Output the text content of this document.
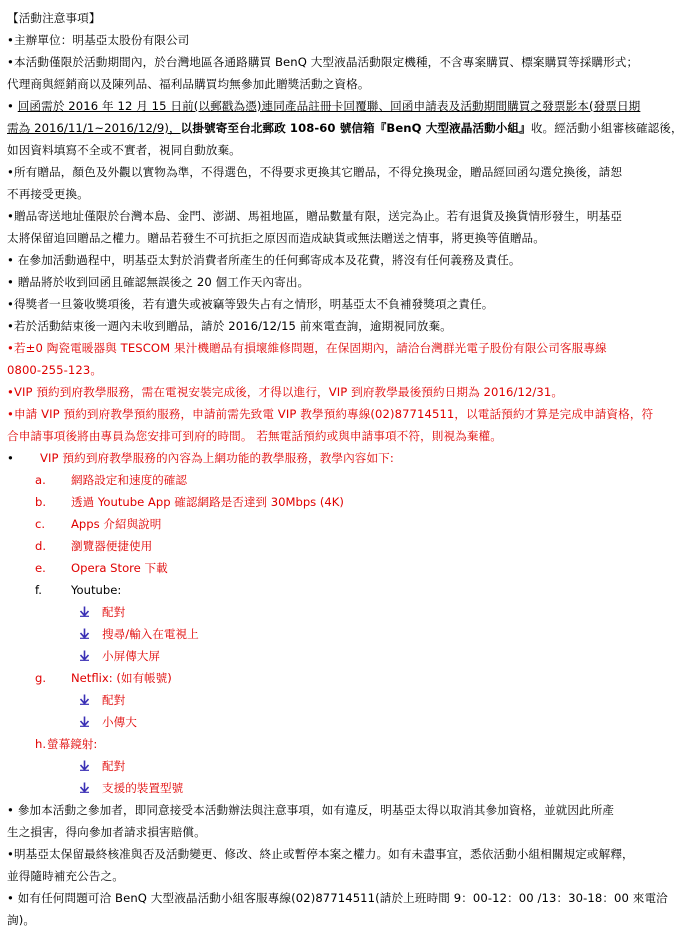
【活動注意事項】
•主辦單位：明基亞太股份有限公司
•本活動僅限於活動期間內，於台灣地區各通路購買 BenQ 大型液晶活動限定機種，不含專案購買、標案購買等採購形式；
代理商與經銷商以及陳列品、福利品購買均無參加此贈獎活動之資格。
• 回函需於 2016 年 12 月 15 日前(以郵戳為憑)連同產品註冊卡回覆聯、回函申請表及活動期間購買之發票影本(發票日期
需為 2016/11/1~2016/12/9)，以掛號寄至台北郵政 108-60 號信箱『BenQ 大型液晶活動小組』收。經活動小組審核確認後，
如因資料填寫不全或不實者，視同自動放棄。
•所有贈品，顏色及外觀以實物為準，不得選色，不得要求更換其它贈品，不得兌換現金，贈品經回函勾選兌換後，請恕
不再接受更換。
•贈品寄送地址僅限於台灣本島、金門、澎湖、馬祖地區，贈品數量有限，送完為止。若有退貨及換貨情形發生，明基亞
太將保留追回贈品之權力。贈品若發生不可抗拒之原因而造成缺貨或無法贈送之情事，將更換等值贈品。
• 在參加活動過程中，明基亞太對於消費者所產生的任何郵寄成本及花費，將沒有任何義務及責任。
• 贈品將於收到回函且確認無誤後之 20 個工作天內寄出。
•得獎者一旦簽收獎項後，若有遺失或被竊等毀失占有之情形，明基亞太不負補發獎項之責任。
•若於活動結束後一週內未收到贈品，請於 2016/12/15 前來電查詢，逾期視同放棄。
•若±0 陶瓷電暖器與 TESCOM 果汁機贈品有損壞維修問題，在保固期內，請洽台灣群光電子股份有限公司客服專線
0800-255-123。
•VIP 預約到府教學服務，需在電視安裝完成後，才得以進行，VIP 到府教學最後預約日期為 2016/12/31。
•申請 VIP 預約到府教學預約服務，申請前需先致電 VIP 教學預約專線(02)87714511，以電話預約才算是完成申請資格，符
合申請事項後將由專員為您安排可到府的時間。 若無電話預約或與申請事項不符，則視為棄權。
• VIP 預約到府教學服務的內容為上網功能的教學服務，教學內容如下:
a. 網路設定和速度的確認
b. 透過 Youtube App 確認網路是否達到 30Mbps (4K)
c. Apps 介紹與說明
d. 瀏覽器便捷使用
e. Opera Store 下載
f.	Youtube:
配對
搜尋/輸入在電視上
小屏傳大屏
g. Netflix: (如有帳號)
配對
小傳大
h. 螢幕鏡射:
配對
支援的裝置型號
• 參加本活動之參加者，即同意接受本活動辦法與注意事項，如有違反，明基亞太得以取消其參加資格，並就因此所產
生之損害，得向參加者請求損害賠償。
•明基亞太保留最終核准與否及活動變更、修改、終止或暫停本案之權力。如有未盡事宜，悉依活動小組相關規定或解釋，
並得隨時補充公告之。
• 如有任何問題可洽 BenQ 大型液晶活動小組客服專線(02)87714511(請於上班時間 9：00-12：00 /13：30-18：00 來電洽
詢)。
